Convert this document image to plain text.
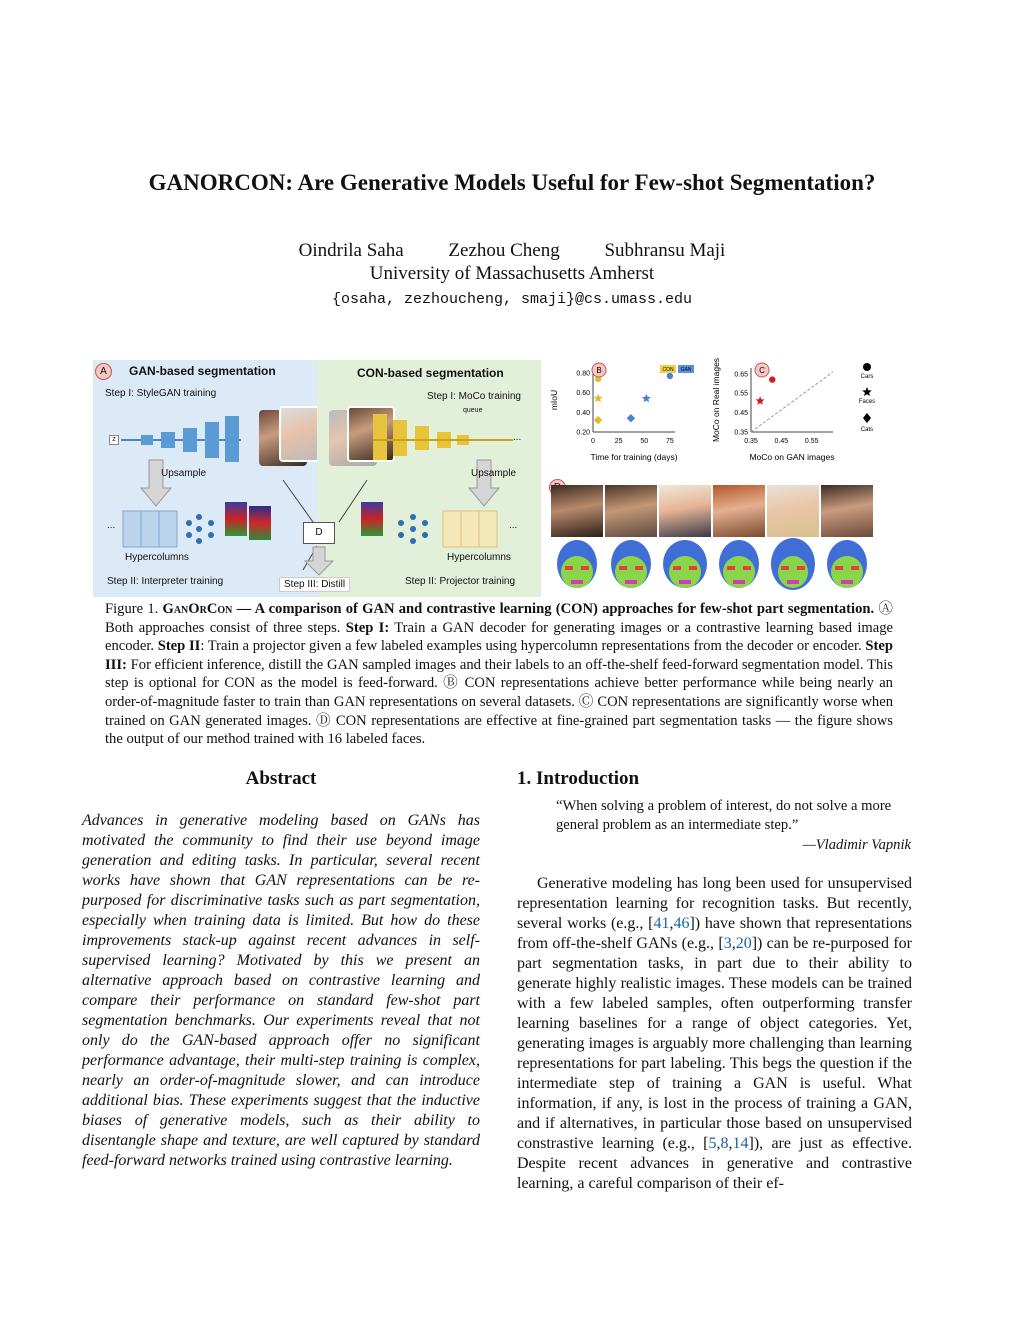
GANORCON: Are Generative Models Useful for Few-shot Segmentation?
Oindrila Saha Zezhou Cheng Subhransu Maji
University of Massachusetts Amherst
{osaha, zezhoucheng, smaji}@cs.umass.edu
A	GAN-based segmentation
Step I: StyleGAN training
z
Upsample
...
Hypercolumns
Step II: Interpreter training
CON-based segmentation
Step I: MoCo training
queue
...
Upsample
...
Hypercolumns
Step II: Projector training
D
Step III: Distill
0	25	50	75
0.20
0.40
0.60
0.80
Time for training (days)
mIoU
B	CON GAN
0.35 0.45 0.55
0.35
0.45
0.55
0.65
MoCo on GAN images
MoCo on Real images	C
Cars
Faces
Cats
Figure 1. GanOrCon — A comparison of GAN and contrastive learning (CON) approaches for few-shot part segmentation. Ⓐ Both approaches consist of three steps. Step I: Train a GAN decoder for generating images or a contrastive learning based image encoder. Step II: Train a projector given a few labeled examples using hypercolumn representations from the decoder or encoder. Step III: For efficient inference, distill the GAN sampled images and their labels to an off-the-shelf feed-forward segmentation model. This step is optional for CON as the model is feed-forward. Ⓑ CON representations achieve better performance while being nearly an order-of-magnitude faster to train than GAN representations on several datasets. Ⓒ CON representations are significantly worse when trained on GAN generated images. Ⓓ CON representations are effective at fine-grained part segmentation tasks — the figure shows the output of our method trained with 16 labeled faces.
Abstract
Advances in generative modeling based on GANs has motivated the community to find their use beyond image generation and editing tasks. In particular, several recent works have shown that GAN representations can be re-purposed for discriminative tasks such as part segmentation, especially when training data is limited. But how do these improvements stack-up against recent advances in self-supervised learning? Motivated by this we present an alternative approach based on contrastive learning and compare their performance on standard few-shot part segmentation benchmarks. Our experiments reveal that not only do the GAN-based approach offer no significant performance advantage, their multi-step training is complex, nearly an order-of-magnitude slower, and can introduce additional bias. These experiments suggest that the inductive biases of generative models, such as their ability to disentangle shape and texture, are well captured by standard feed-forward networks trained using contrastive learning.
1. Introduction
“When solving a problem of interest, do not solve a more general problem as an intermediate step.”
—Vladimir Vapnik

Generative modeling has long been used for unsupervised representation learning for recognition tasks. But recently, several works (e.g., [41,46]) have shown that representations from off-the-shelf GANs (e.g., [3,20]) can be re-purposed for part segmentation tasks, in part due to their ability to generate highly realistic images. These models can be trained with a few labeled samples, often outperforming transfer learning baselines for a range of object categories. Yet, generating images is arguably more challenging than learning representations for part labeling. This begs the question if the intermediate step of training a GAN is useful. What information, if any, is lost in the process of training a GAN, and if alternatives, in particular those based on unsupervised constrastive learning (e.g., [5,8,14]), are just as effective. Despite recent advances in generative and contrastive learning, a careful comparison of their ef-
